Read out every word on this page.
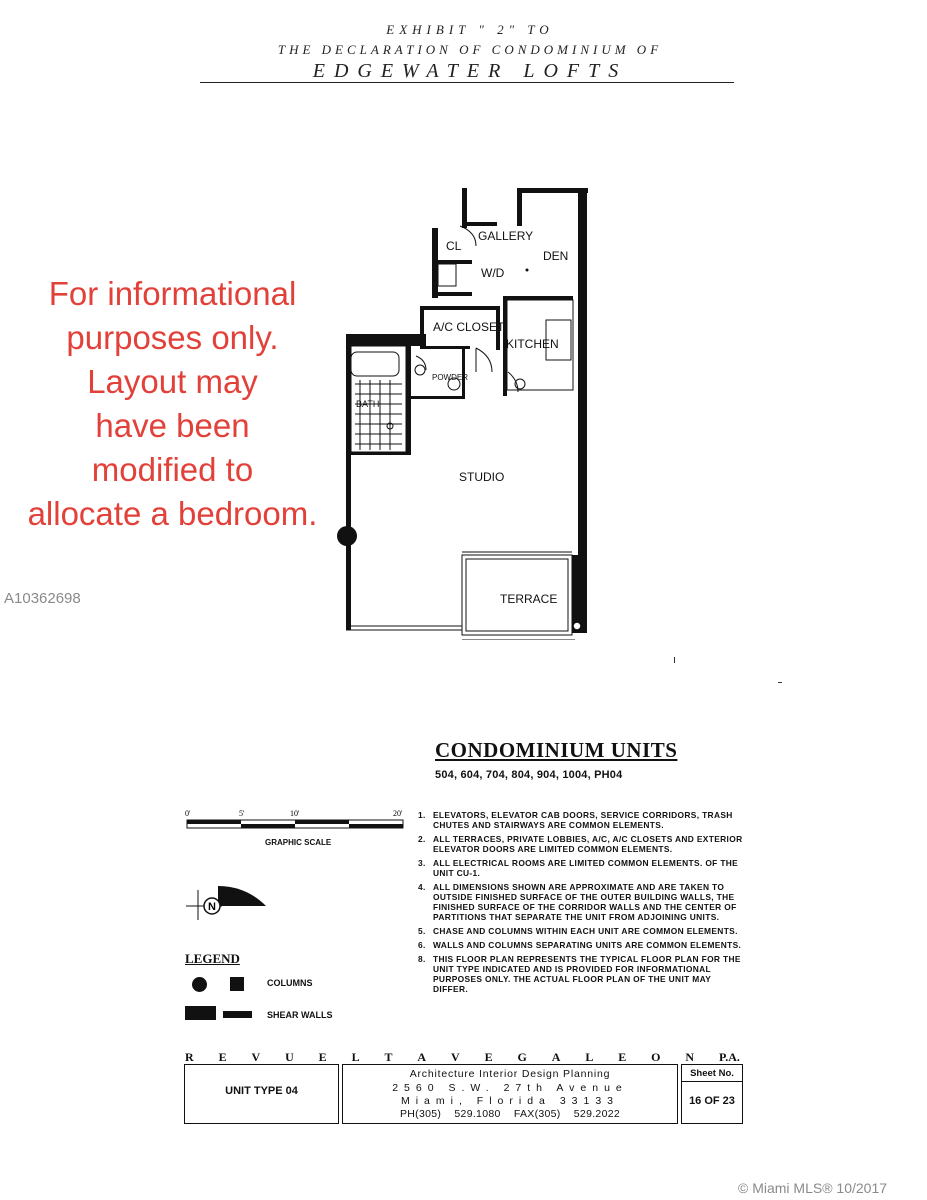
EXHIBIT " 2" TO
THE DECLARATION OF CONDOMINIUM OF
EDGEWATER LOFTS
For informational
purposes only.
Layout may
have been
modified to
allocate a bedroom.
A10362698
GALLERY
CL
DEN
W/D
A/C CLOSET
KITCHEN
BATH
POWDER
STUDIO
TERRACE
CONDOMINIUM UNITS
504, 604, 704, 804, 904, 1004, PH04
0'	5'	10'	20'
GRAPHIC SCALE
1. ELEVATORS, ELEVATOR CAB DOORS, SERVICE CORRIDORS, TRASH CHUTES AND STAIRWAYS ARE COMMON ELEMENTS.
2. ALL TERRACES, PRIVATE LOBBIES, A/C, A/C CLOSETS AND EXTERIOR ELEVATOR DOORS ARE LIMITED COMMON ELEMENTS.
3. ALL ELECTRICAL ROOMS ARE LIMITED COMMON ELEMENTS. OF THE UNIT CU-1.
4. ALL DIMENSIONS SHOWN ARE APPROXIMATE AND ARE TAKEN TO OUTSIDE FINISHED SURFACE OF THE OUTER BUILDING WALLS, THE FINISHED SURFACE OF THE CORRIDOR WALLS AND THE CENTER OF PARTITIONS THAT SEPARATE THE UNIT FROM ADJOINING UNITS.
5. CHASE AND COLUMNS WITHIN EACH UNIT ARE COMMON ELEMENTS.
6. WALLS AND COLUMNS SEPARATING UNITS ARE COMMON ELEMENTS.
8. THIS FLOOR PLAN REPRESENTS THE TYPICAL FLOOR PLAN FOR THE UNIT TYPE INDICATED AND IS PROVIDED FOR INFORMATIONAL PURPOSES ONLY. THE ACTUAL FLOOR PLAN OF THE UNIT MAY DIFFER.
N
LEGEND
COLUMNS
SHEAR WALLS
R E V U E L T A V E G A L E O N P.A.
UNIT TYPE 04
Architecture Interior Design Planning
2560 S.W. 27th Avenue
Miami, Florida 33133
PH(305) 529.1080 FAX(305) 529.2022
Sheet No.
16 OF 23
© Miami MLS® 10/2017
